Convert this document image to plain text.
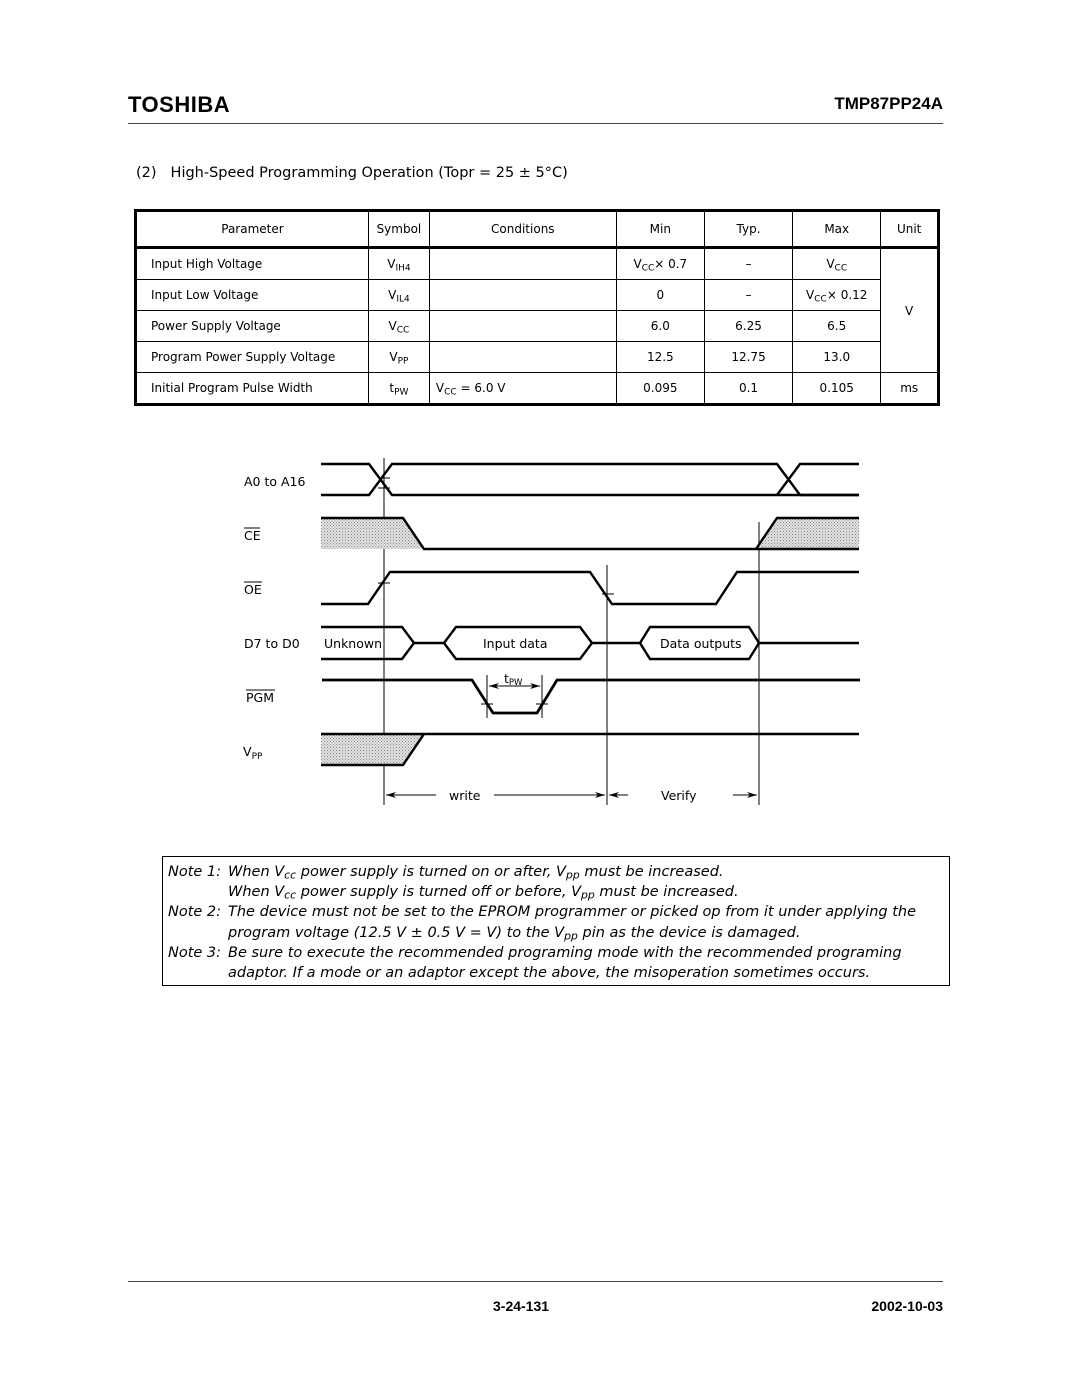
TOSHIBA	TMP87PP24A
(2) High-Speed Programming Operation (Topr = 25 ± 5°C)
Parameter	Symbol	Conditions	Min	Typ.	Max	Unit
Input High Voltage	$V_{IH4}$		$V_{CC}\times 0.7$	–	$V_{CC}$	V
Input Low Voltage	$V_{IL4}$		0	–	$V_{CC}\times 0.12$	
Power Supply Voltage	$V_{CC}$		6.0	6.25	6.5	
Program Power Supply Voltage	$V_{PP}$		12.5	12.75	13.0	
Initial Program Pulse Width	$t_{PW}$	$V_{CC} = 6.0$ V	0.095	0.1	0.105	ms
A0 to A16
CE
OE
D7 to D0
PGM
$V_{PP}$
Unknown	Input data	Data outputs
tPW
write	Verify
Note 1: When $V_{cc}$ power supply is turned on or after, $V_{pp}$ must be increased.
When $V_{cc}$ power supply is turned off or before, $V_{pp}$ must be increased.
Note 2: The device must not be set to the EPROM programmer or picked op from it under applying the
program voltage (12.5 V ± 0.5 V = V) to the $V_{pp}$ pin as the device is damaged.
Note 3: Be sure to execute the recommended programing mode with the recommended programing
adaptor. If a mode or an adaptor except the above, the misoperation sometimes occurs.
3-24-131	2002-10-03
